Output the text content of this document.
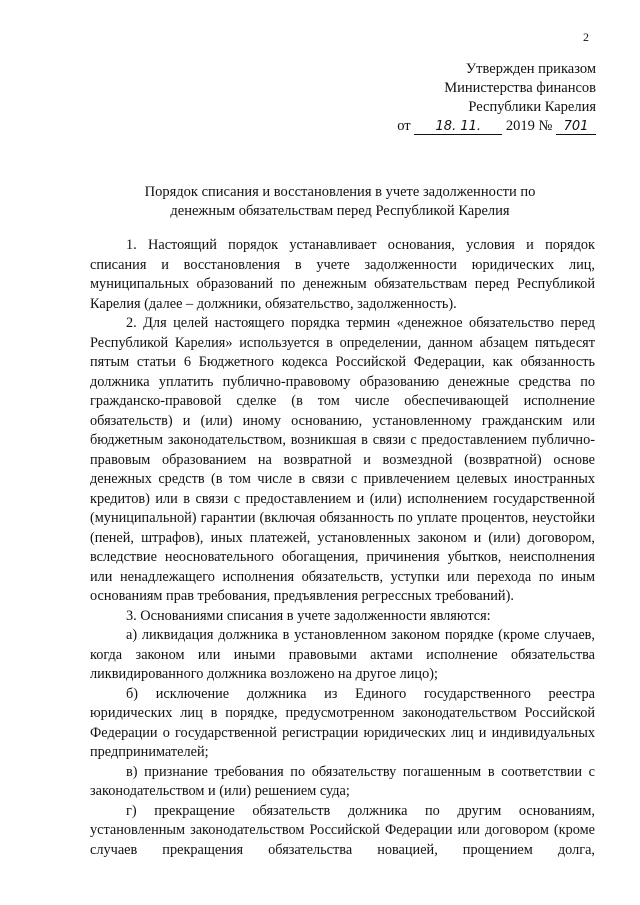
2
Утвержден приказом
Министерства финансов
Республики Карелия
от 18. 11. 2019 № 701
Порядок списания и восстановления в учете задолженности по
денежным обязательствам перед Республикой Карелия

1. Настоящий порядок устанавливает основания, условия и порядок списания и восстановления в учете задолженности юридических лиц, муниципальных образований по денежным обязательствам перед Республикой Карелия (далее – должники, обязательство, задолженность).

2. Для целей настоящего порядка термин «денежное обязательство перед Республикой Карелия» используется в определении, данном абзацем пятьдесят пятым статьи 6 Бюджетного кодекса Российской Федерации, как обязанность должника уплатить публично-правовому образованию денежные средства по гражданско-правовой сделке (в том числе обеспечивающей исполнение обязательств) и (или) иному основанию, установленному гражданским или бюджетным законодательством, возникшая в связи с предоставлением публично-правовым образованием на возвратной и возмездной (возвратной) основе денежных средств (в том числе в связи с привлечением целевых иностранных кредитов) или в связи с предоставлением и (или) исполнением государственной (муниципальной) гарантии (включая обязанность по уплате процентов, неустойки (пеней, штрафов), иных платежей, установленных законом и (или) договором, вследствие неосновательного обогащения, причинения убытков, неисполнения или ненадлежащего исполнения обязательств, уступки или перехода по иным основаниям прав требования, предъявления регрессных требований).

3. Основаниями списания в учете задолженности являются:

а) ликвидация должника в установленном законом порядке (кроме случаев, когда законом или иными правовыми актами исполнение обязательства ликвидированного должника возложено на другое лицо);

б) исключение должника из Единого государственного реестра юридических лиц в порядке, предусмотренном законодательством Российской Федерации о государственной регистрации юридических лиц и индивидуальных предпринимателей;

в) признание требования по обязательству погашенным в соответствии с законодательством и (или) решением суда;

г) прекращение обязательств должника по другим основаниям, установленным законодательством Российской Федерации или договором (кроме случаев прекращения обязательства новацией, прощением долга,
